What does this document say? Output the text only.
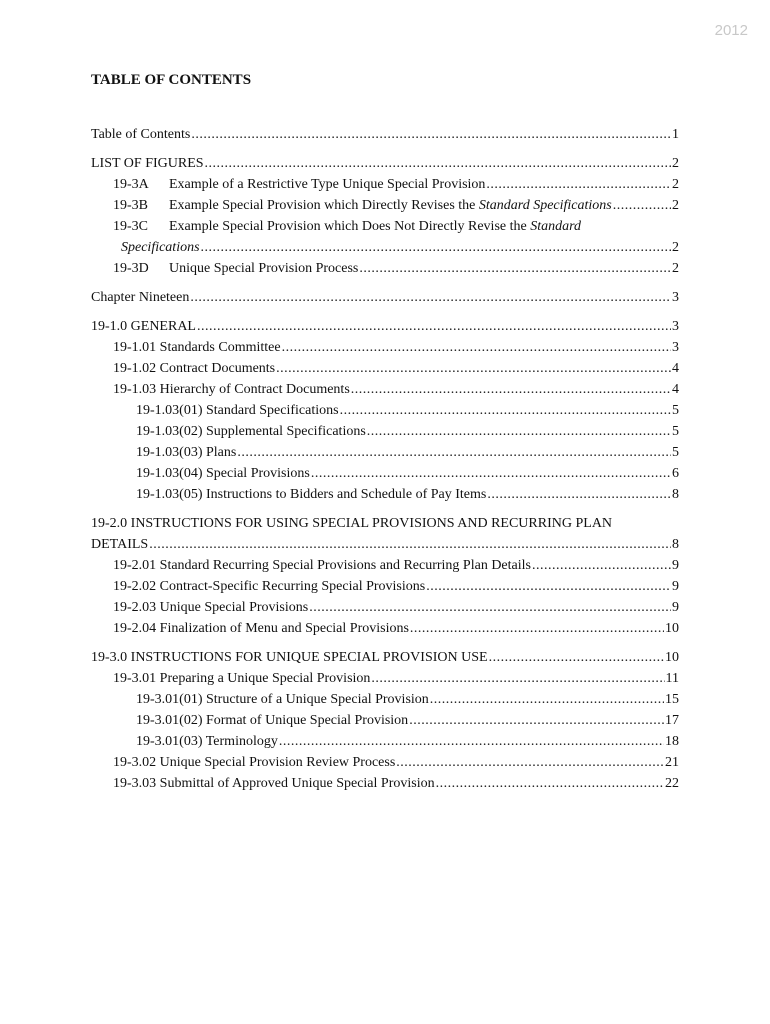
2012
TABLE OF CONTENTS
Table of Contents .....	1
LIST OF FIGURES .....	2
19-3A Example of a Restrictive Type Unique Special Provision .....	2
19-3B Example Special Provision which Directly Revises the Standard Specifications .....	2
19-3C Example Special Provision which Does Not Directly Revise the Standard
Specifications .....	2
19-3D Unique Special Provision Process .....	2
Chapter Nineteen .....	3
19-1.0 GENERAL .....	3
19-1.01 Standards Committee .....	3
19-1.02 Contract Documents .....	4
19-1.03 Hierarchy of Contract Documents .....	4
19-1.03(01) Standard Specifications .....	5
19-1.03(02) Supplemental Specifications .....	5
19-1.03(03) Plans .....	5
19-1.03(04) Special Provisions .....	6
19-1.03(05) Instructions to Bidders and Schedule of Pay Items .....	8
19-2.0 INSTRUCTIONS FOR USING SPECIAL PROVISIONS AND RECURRING PLAN
DETAILS .....	8
19-2.01 Standard Recurring Special Provisions and Recurring Plan Details .....	9
19-2.02 Contract-Specific Recurring Special Provisions .....	9
19-2.03 Unique Special Provisions .....	9
19-2.04 Finalization of Menu and Special Provisions .....	10
19-3.0 INSTRUCTIONS FOR UNIQUE SPECIAL PROVISION USE .....	10
19-3.01 Preparing a Unique Special Provision .....	11
19-3.01(01) Structure of a Unique Special Provision .....	15
19-3.01(02) Format of Unique Special Provision .....	17
19-3.01(03) Terminology .....	18
19-3.02 Unique Special Provision Review Process .....	21
19-3.03 Submittal of Approved Unique Special Provision .....	22
